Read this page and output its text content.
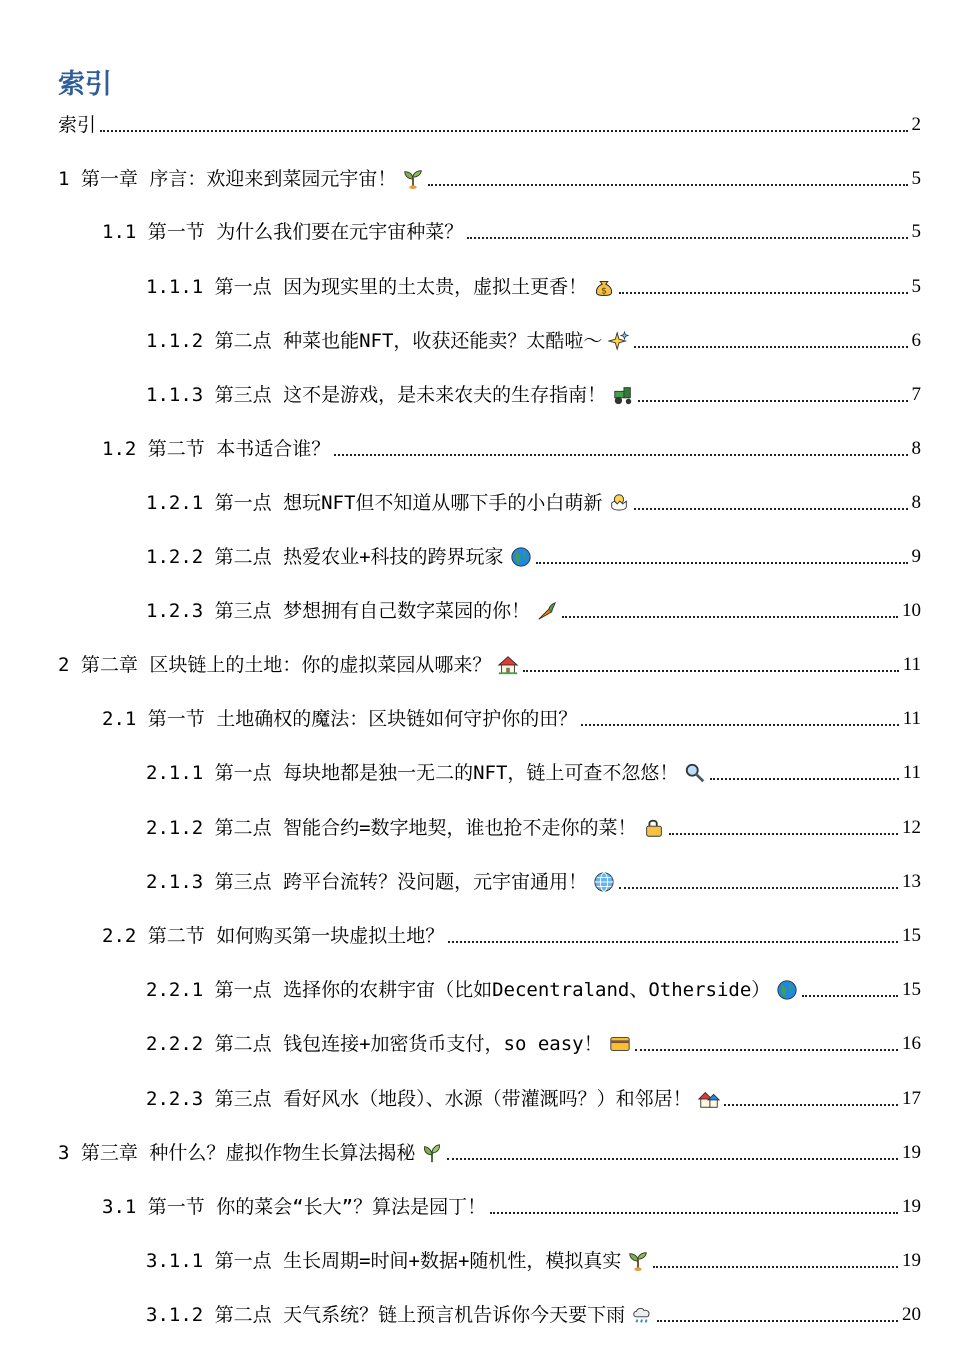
索引
索引	2
1 第一章 序言：欢迎来到菜园元宇宙！	5
1.1 第一节 为什么我们要在元宇宙种菜？	5
1.1.1 第一点 因为现实里的土太贵，虚拟土更香！	5
1.1.2 第二点 种菜也能NFT，收获还能卖？太酷啦～	6
1.1.3 第三点 这不是游戏，是未来农夫的生存指南！	7
1.2 第二节 本书适合谁？	8
1.2.1 第一点 想玩NFT但不知道从哪下手的小白萌新	8
1.2.2 第二点 热爱农业+科技的跨界玩家	9
1.2.3 第三点 梦想拥有自己数字菜园的你！	10
2 第二章 区块链上的土地：你的虚拟菜园从哪来？	11
2.1 第一节 土地确权的魔法：区块链如何守护你的田？	11
2.1.1 第一点 每块地都是独一无二的NFT，链上可查不忽悠！	11
2.1.2 第二点 智能合约=数字地契，谁也抢不走你的菜！	12
2.1.3 第三点 跨平台流转？没问题，元宇宙通用！	13
2.2 第二节 如何购买第一块虚拟土地？	15
2.2.1 第一点 选择你的农耕宇宙（比如Decentraland、Otherside）	15
2.2.2 第二点 钱包连接+加密货币支付，so easy！	16
2.2.3 第三点 看好风水（地段）、水源（带灌溉吗？）和邻居！	17
3 第三章 种什么？虚拟作物生长算法揭秘	19
3.1 第一节 你的菜会“长大”？算法是园丁！	19
3.1.1 第一点 生长周期=时间+数据+随机性，模拟真实	19
3.1.2 第二点 天气系统？链上预言机告诉你今天要下雨	20
